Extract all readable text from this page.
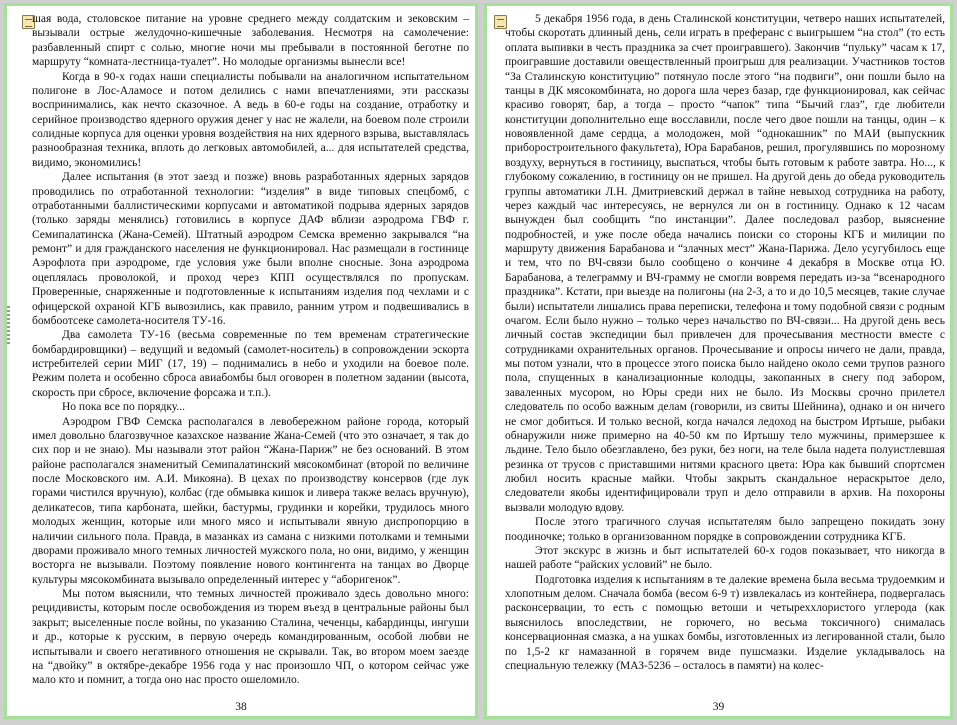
шая вода, столовское питание на уровне среднего между солдатским и зековским – вызывали острые желудочно-кишечные заболевания. Несмотря на самолечение: разбавленный спирт с солью, многие ночи мы пребывали в постоянной беготне по маршруту “комната-лестница-туалет”. Но молодые организмы вынесли все!

Когда в 90-х годах наши специалисты побывали на аналогичном испытательном полигоне в Лос-Аламосе и потом делились с нами впечатлениями, эти рассказы воспринимались, как нечто сказочное. А ведь в 60-е годы на создание, отработку и серийное производство ядерного оружия денег у нас не жалели, на боевом поле строили солидные корпуса для оценки уровня воздействия на них ядерного взрыва, выставлялась разнообразная техника, вплоть до легковых автомобилей, а... для испытателей средства, видимо, экономились!

Далее испытания (в этот заезд и позже) вновь разработанных ядерных зарядов проводились по отработанной технологии: “изделия” в виде типовых спецбомб, с отработанными баллистическими корпусами и автоматикой подрыва ядерных зарядов (только заряды менялись) готовились в корпусе ДАФ вблизи аэродрома ГВФ г. Семипалатинска (Жана-Семей). Штатный аэродром Семска временно закрывался “на ремонт” и для гражданского населения не функционировал. Нас размещали в гостинице Аэрофлота при аэродроме, где условия уже были вполне сносные. Зона аэродрома оцеплялась проволокой, и проход через КПП осуществлялся по пропускам. Проверенные, снаряженные и подготовленные к испытаниям изделия под чехлами и с офицерской охраной КГБ вывозились, как правило, ранним утром и подвешивались в бомбоотсеке самолета-носителя ТУ-16.

Два самолета ТУ-16 (весьма современные по тем временам стратегические бомбардировщики) – ведущий и ведомый (самолет-носитель) в сопровождении эскорта истребителей серии МИГ (17, 19) – поднимались в небо и уходили на боевое поле. Режим полета и особенно сброса авиабомбы был оговорен в полетном задании (высота, скорость при сбросе, включение форсажа и т.п.).

Но пока все по порядку...

Аэродром ГВФ Семска располагался в левобережном районе города, который имел довольно благозвучное казахское название Жана-Семей (что это означает, я так до сих пор и не знаю). Мы называли этот район “Жана-Париж” не без оснований. В этом районе располагался знаменитый Семипалатинский мясокомбинат (второй по величине после Московского им. А.И. Микояна). В цехах по производству консервов (где лук горами чистился вручную), колбас (где обмывка кишок и ливера также велась вручную), деликатесов, типа карбоната, шейки, бастурмы, грудинки и корейки, трудилось много молодых женщин, которые или много мясо и испытывали явную диспропорцию в наличии сильного пола. Правда, в мазанках из самана с низкими потолками и темными дворами проживало много темных личностей мужского пола, но они, видимо, у женщин восторга не вызывали. Поэтому появление нового контингента на танцах во Дворце культуры мясокомбината вызывало определенный интерес у “аборигенок”.

Мы потом выяснили, что темных личностей проживало здесь довольно много: рецидивисты, которым после освобождения из тюрем въезд в центральные районы был закрыт; выселенные после войны, по указанию Сталина, чеченцы, кабардинцы, ингуши и др., которые к русским, в первую очередь командированным, особой любви не испытывали и своего негативного отношения не скрывали. Так, во втором моем заезде на “двойку” в октябре-декабре 1956 года у нас произошло ЧП, о котором сейчас уже мало кто и помнит, а тогда оно нас просто ошеломило.

38

5 декабря 1956 года, в день Сталинской конституции, четверо наших испытателей, чтобы скоротать длинный день, сели играть в преферанс с выигрышем “на стол” (то есть оплата выпивки в честь праздника за счет проигравшего). Закончив “пульку” часам к 17, проигравшие доставили овеществленный проигрыш для реализации. Участников тостов “За Сталинскую конституцию” потянуло после этого “на подвиги”, они пошли было на танцы в ДК мясокомбината, но дорога шла через базар, где функционировал, как сейчас красиво говорят, бар, а тогда – просто “чапок” типа “Бычий глаз”, где любители конституции дополнительно еще восславили, после чего двое пошли на танцы, один – к новоявленной даме сердца, а молодожен, мой “однокашник” по МАИ (выпускник приборостроительного факультета), Юра Барабанов, решил, прогулявшись по морозному воздуху, вернуться в гостиницу, выспаться, чтобы быть готовым к работе завтра. Но..., к глубокому сожалению, в гостиницу он не пришел. На другой день до обеда руководитель группы автоматики Л.Н. Дмитриевский держал в тайне невыход сотрудника на работу, через каждый час интересуясь, не вернулся ли он в гостиницу. Однако к 12 часам вынужден был сообщить “по инстанции”. Далее последовал разбор, выяснение подробностей, и уже после обеда начались поиски со стороны КГБ и милиции по маршруту движения Барабанова и “злачных мест” Жана-Парижа. Дело усугубилось еще и тем, что по ВЧ-связи было сообщено о кончине 4 декабря в Москве отца Ю. Барабанова, а телеграмму и ВЧ-грамму не смогли вовремя передать из-за “всенародного праздника”. Кстати, при выезде на полигоны (на 2-3, а то и до 10,5 месяцев, такие случае были) испытатели лишались права переписки, телефона и тому подобной связи с родным очагом. Если было нужно – только через начальство по ВЧ-связи... На другой день весь личный состав экспедиции был привлечен для прочесывания местности вместе с сотрудниками охранительных органов. Прочесывание и опросы ничего не дали, правда, мы потом узнали, что в процессе этого поиска было найдено около семи трупов разного пола, спущенных в канализационные колодцы, закопанных в снегу под забором, заваленных мусором, но Юры среди них не было. Из Москвы срочно прилетел следователь по особо важным делам (говорили, из свиты Шейнина), однако и он ничего не смог добиться. И только весной, когда начался ледоход на быстром Иртыше, рыбаки обнаружили ниже примерно на 40-50 км по Иртышу тело мужчины, примерзшее к льдине. Тело было обезглавлено, без руки, без ноги, на теле была надета полуистлевшая резинка от трусов с приставшими нитями красного цвета: Юра как бывший спортсмен любил носить красные майки. Чтобы закрыть скандальное нераскрытое дело, следователи якобы идентифицировали труп и дело отправили в архив. На похороны вызвали молодую вдову.

После этого трагичного случая испытателям было запрещено покидать зону поодиночке; только в организованном порядке в сопровождении сотрудника КГБ.

Этот экскурс в жизнь и быт испытателей 60-х годов показывает, что никогда в нашей работе “райских условий” не было.

Подготовка изделия к испытаниям в те далекие времена была весьма трудоемким и хлопотным делом. Сначала бомба (весом 6-9 т) извлекалась из контейнера, подвергалась расконсервации, то есть с помощью ветоши и четыреххлористого углерода (как выяснилось впоследствии, не горючего, но весьма токсичного) снималась консервационная смазка, а на ушках бомбы, изготовленных из легированной стали, было по 1,5-2 кг намазанной в горячем виде пушсмазки. Изделие укладывалось на специальную тележку (МАЗ-5236 – осталось в памяти) на колес-

39
